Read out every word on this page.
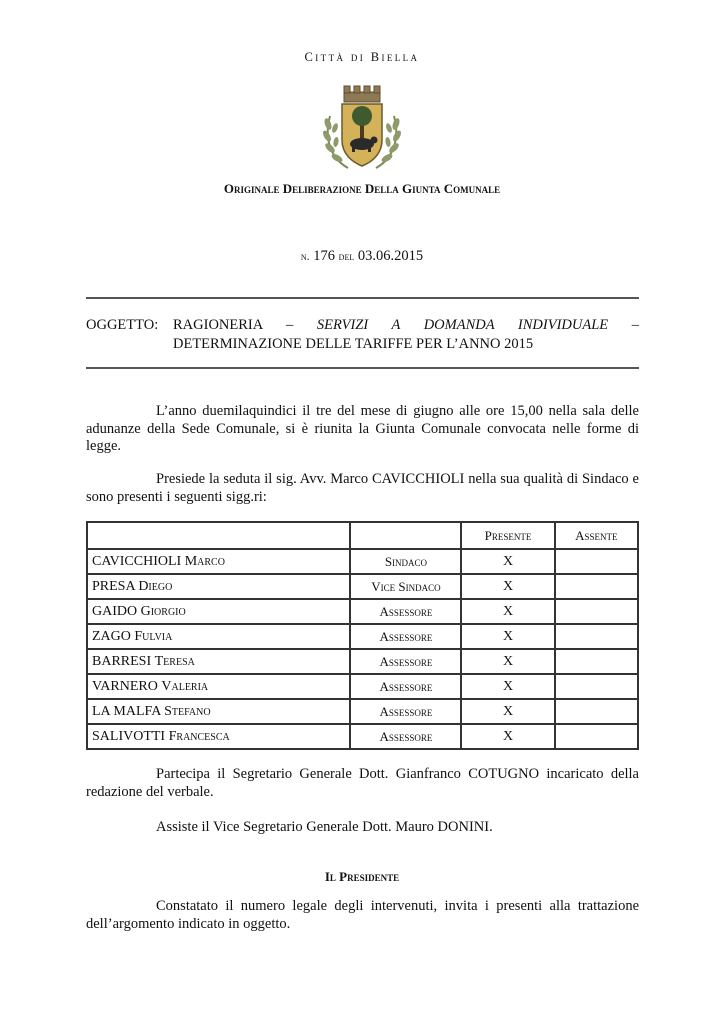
Città di Biella
Originale Deliberazione Della Giunta Comunale
n. 176 del 03.06.2015
OGGETTO: RAGIONERIA – SERVIZI A DOMANDA INDIVIDUALE –
DETERMINAZIONE DELLE TARIFFE PER L’ANNO 2015
L’anno duemilaquindici il tre del mese di giugno alle ore 15,00 nella sala delle adunanze della Sede Comunale, si è riunita la Giunta Comunale convocata nelle forme di legge.
Presiede la seduta il sig. Avv. Marco CAVICCHIOLI nella sua qualità di Sindaco e sono presenti i seguenti sigg.ri:
		Presente	Assente
CAVICCHIOLI Marco	Sindaco	X	
PRESA Diego	Vice Sindaco	X	
GAIDO Giorgio	Assessore	X	
ZAGO Fulvia	Assessore	X	
BARRESI Teresa	Assessore	X	
VARNERO Valeria	Assessore	X	
LA MALFA Stefano	Assessore	X	
SALIVOTTI Francesca	Assessore	X	
Partecipa il Segretario Generale Dott. Gianfranco COTUGNO incaricato della redazione del verbale.
Assiste il Vice Segretario Generale Dott. Mauro DONINI.
Il Presidente
Constatato il numero legale degli intervenuti, invita i presenti alla trattazione dell’argomento indicato in oggetto.
